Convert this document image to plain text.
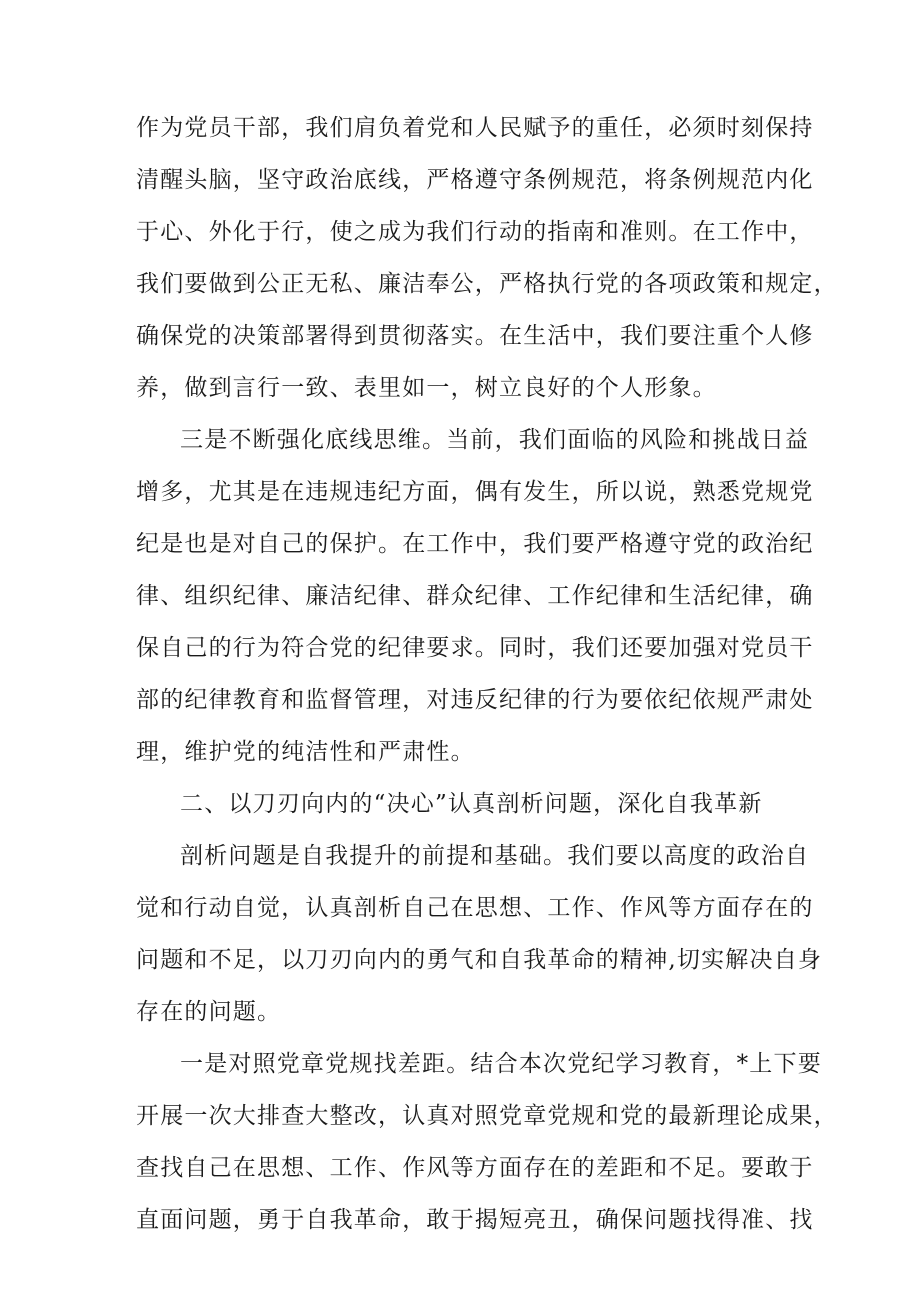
作为党员干部，我们肩负着党和人民赋予的重任，必须时刻保持
清醒头脑，坚守政治底线，严格遵守条例规范，将条例规范内化
于心、外化于行，使之成为我们行动的指南和准则。在工作中，
我们要做到公正无私、廉洁奉公，严格执行党的各项政策和规定，
确保党的决策部署得到贯彻落实。在生活中，我们要注重个人修
养，做到言行一致、表里如一，树立良好的个人形象。
三是不断强化底线思维。当前，我们面临的风险和挑战日益
增多，尤其是在违规违纪方面，偶有发生，所以说，熟悉党规党
纪是也是对自己的保护。在工作中，我们要严格遵守党的政治纪
律、组织纪律、廉洁纪律、群众纪律、工作纪律和生活纪律，确
保自己的行为符合党的纪律要求。同时，我们还要加强对党员干
部的纪律教育和监督管理，对违反纪律的行为要依纪依规严肃处
理，维护党的纯洁性和严肃性。
二、以刀刃向内的“决心”认真剖析问题，深化自我革新
剖析问题是自我提升的前提和基础。我们要以高度的政治自
觉和行动自觉，认真剖析自己在思想、工作、作风等方面存在的
问题和不足，以刀刃向内的勇气和自我革命的精神,切实解决自身
存在的问题。
一是对照党章党规找差距。结合本次党纪学习教育，*上下要
开展一次大排查大整改，认真对照党章党规和党的最新理论成果，
查找自己在思想、工作、作风等方面存在的差距和不足。要敢于
直面问题，勇于自我革命，敢于揭短亮丑，确保问题找得准、找
